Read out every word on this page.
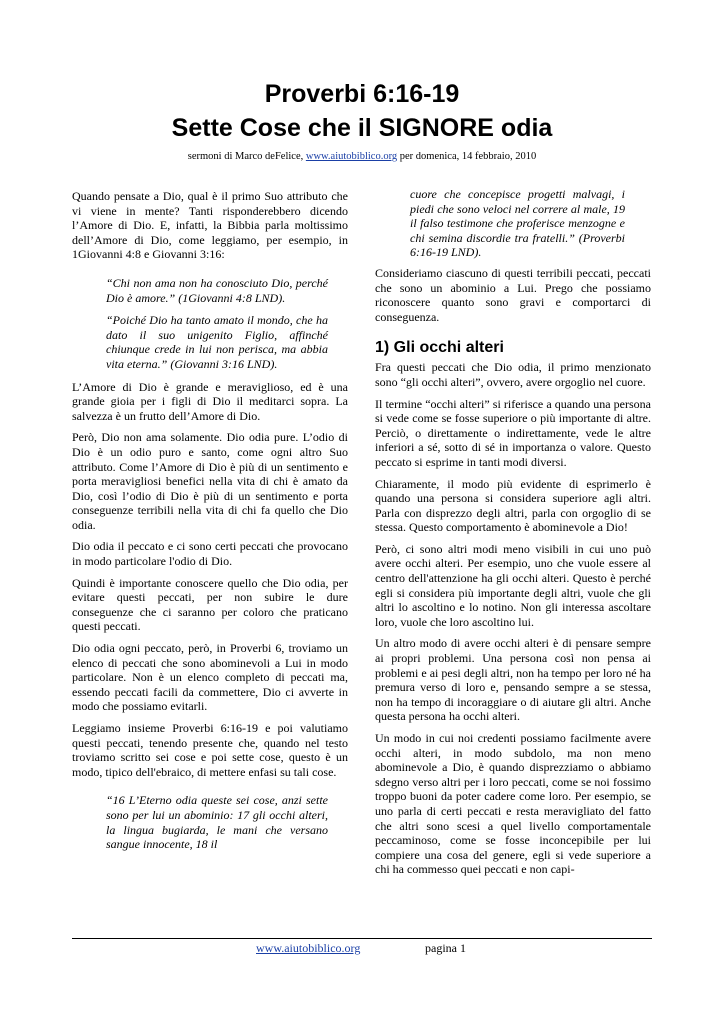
Proverbi 6:16-19
Sette Cose che il SIGNORE odia
sermoni di Marco deFelice, www.aiutobiblico.org per domenica, 14 febbraio, 2010

Quando pensate a Dio, qual è il primo Suo attributo che vi viene in mente? Tanti risponderebbero dicendo l’Amore di Dio. E, infatti, la Bibbia parla moltissimo dell’Amore di Dio, come leggiamo, per esempio, in 1Giovanni 4:8 e Giovanni 3:16:

“Chi non ama non ha conosciuto Dio, perché Dio è amore.” (1Giovanni 4:8 LND).

“Poiché Dio ha tanto amato il mondo, che ha dato il suo unigenito Figlio, affinché chiunque crede in lui non perisca, ma abbia vita eterna.” (Giovanni 3:16 LND).

L’Amore di Dio è grande e meraviglioso, ed è una grande gioia per i figli di Dio il meditarci sopra. La salvezza è un frutto dell’Amore di Dio.

Però, Dio non ama solamente. Dio odia pure. L’odio di Dio è un odio puro e santo, come ogni altro Suo attributo. Come l’Amore di Dio è più di un sentimento e porta meravigliosi benefici nella vita di chi è amato da Dio, così l’odio di Dio è più di un sentimento e porta conseguenze terribili nella vita di chi fa quello che Dio odia.

Dio odia il peccato e ci sono certi peccati che provocano in modo particolare l'odio di Dio.

Quindi è importante conoscere quello che Dio odia, per evitare questi peccati, per non subire le dure conseguenze che ci saranno per coloro che praticano questi peccati.

Dio odia ogni peccato, però, in Proverbi 6, troviamo un elenco di peccati che sono abominevoli a Lui in modo particolare. Non è un elenco completo di peccati ma, essendo peccati facili da commettere, Dio ci avverte in modo che possiamo evitarli.

Leggiamo insieme Proverbi 6:16-19 e poi valutiamo questi peccati, tenendo presente che, quando nel testo troviamo scritto sei cose e poi sette cose, questo è un modo, tipico dell'ebraico, di mettere enfasi su tali cose.

“16 L’Eterno odia queste sei cose, anzi sette sono per lui un abominio: 17 gli occhi alteri, la lingua bugiarda, le mani che versano sangue innocente, 18 il

cuore che concepisce progetti malvagi, i piedi che sono veloci nel correre al male, 19 il falso testimone che proferisce menzogne e chi semina discordie tra fratelli.” (Proverbi 6:16-19 LND).

Consideriamo ciascuno di questi terribili peccati, peccati che sono un abominio a Lui. Prego che possiamo riconoscere quanto sono gravi e comportarci di conseguenza.

1) Gli occhi alteri

Fra questi peccati che Dio odia, il primo menzionato sono “gli occhi alteri”, ovvero, avere orgoglio nel cuore.

Il termine “occhi alteri” si riferisce a quando una persona si vede come se fosse superiore o più importante di altre. Perciò, o direttamente o indirettamente, vede le altre inferiori a sé, sotto di sé in importanza o valore. Questo peccato si esprime in tanti modi diversi.

Chiaramente, il modo più evidente di esprimerlo è quando una persona si considera superiore agli altri. Parla con disprezzo degli altri, parla con orgoglio di se stessa. Questo comportamento è abominevole a Dio!

Però, ci sono altri modi meno visibili in cui uno può avere occhi alteri. Per esempio, uno che vuole essere al centro dell'attenzione ha gli occhi alteri. Questo è perché egli si considera più importante degli altri, vuole che gli altri lo ascoltino e lo notino. Non gli interessa ascoltare loro, vuole che loro ascoltino lui.

Un altro modo di avere occhi alteri è di pensare sempre ai propri problemi. Una persona così non pensa ai problemi e ai pesi degli altri, non ha tempo per loro né ha premura verso di loro e, pensando sempre a se stessa, non ha tempo di incoraggiare o di aiutare gli altri. Anche questa persona ha occhi alteri.

Un modo in cui noi credenti possiamo facilmente avere occhi alteri, in modo subdolo, ma non meno abominevole a Dio, è quando disprezziamo o abbiamo sdegno verso altri per i loro peccati, come se noi fossimo troppo buoni da poter cadere come loro. Per esempio, se uno parla di certi peccati e resta meravigliato del fatto che altri sono scesi a quel livello comportamentale peccaminoso, come se fosse inconcepibile per lui compiere una cosa del genere, egli si vede superiore a chi ha commesso quei peccati e non capi-

www.aiutobiblico.org	pagina 1
